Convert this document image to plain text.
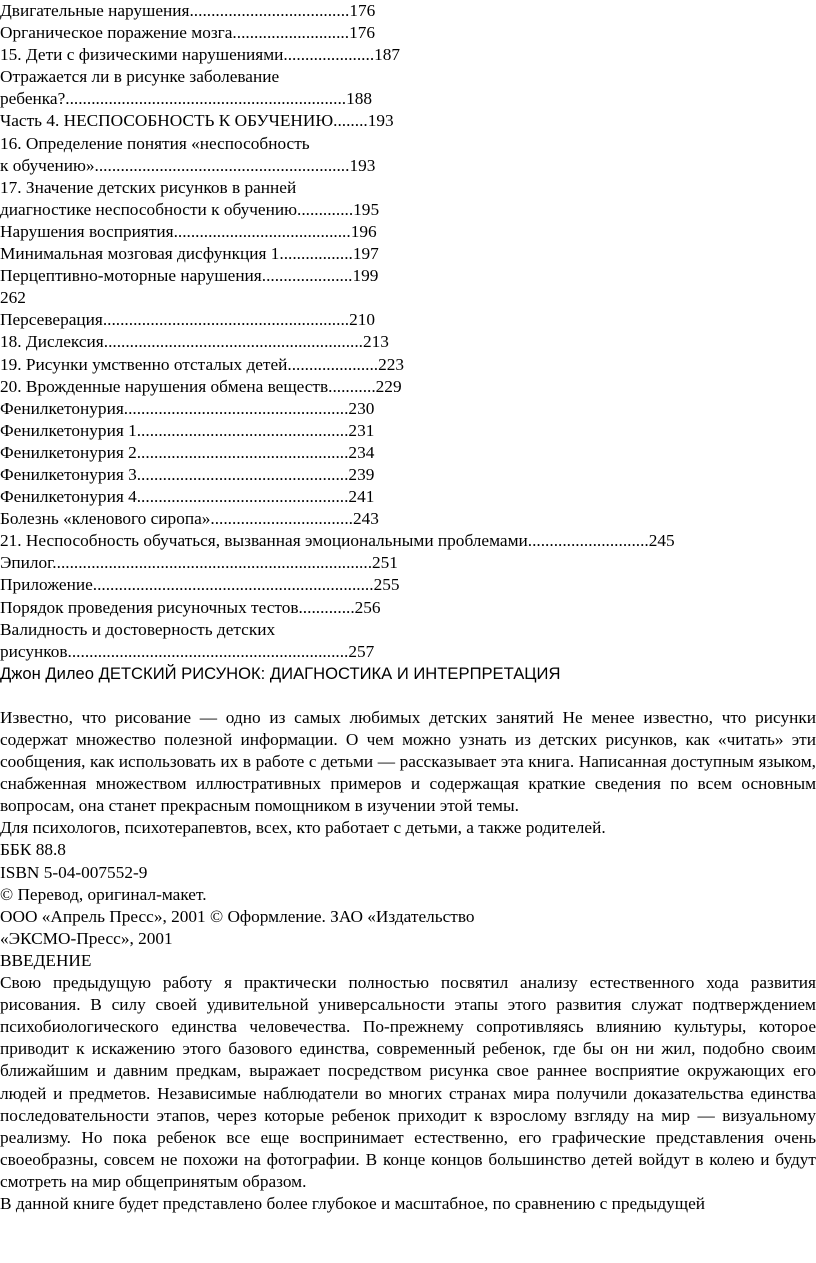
Двигательные нарушения.....................................176
Органическое поражение мозга...........................176
15. Дети с физическими нарушениями.....................187
Отражается ли в рисунке заболевание
ребенка?.................................................................188
Часть 4. НЕСПОСОБНОСТЬ К ОБУЧЕНИЮ........193
16. Определение понятия «неспособность
к обучению»...........................................................193
17. Значение детских рисунков в ранней
диагностике неспособности к обучению.............195
Нарушения восприятия.........................................196
Минимальная мозговая дисфункция 1.................197
Перцептивно-моторные нарушения.....................199
262
Персеверация.........................................................210
18. Дислексия............................................................213
19. Рисунки умственно отсталых детей.....................223
20. Врожденные нарушения обмена веществ...........229
Фенилкетонурия....................................................230
Фенилкетонурия 1.................................................231
Фенилкетонурия 2.................................................234
Фенилкетонурия 3.................................................239
Фенилкетонурия 4.................................................241
Болезнь «кленового сиропа».................................243
21. Неспособность обучаться, вызванная эмоциональными проблемами............................245
Эпилог..........................................................................251
Приложение.................................................................255
Порядок проведения рисуночных тестов.............256
Валидность и достоверность детских
рисунков.................................................................257
Джон Дилео ДЕТСКИЙ РИСУНОК: ДИАГНОСТИКА И ИНТЕРПРЕТАЦИЯ

Известно, что рисование — одно из самых любимых детских занятий Не менее известно, что рисунки содержат множество полезной информации. О чем можно узнать из детских рисунков, как «читать» эти сообщения, как использовать их в работе с детьми — рассказывает эта книга. Написанная доступным языком, снабженная множеством иллюстративных примеров и содержащая краткие сведения по всем основным вопросам, она станет прекрасным помощником в изучении этой темы.

Для психологов, психотерапевтов, всех, кто работает с детьми, а также родителей.
ББК 88.8
ISBN 5-04-007552-9
© Перевод, оригинал-макет.
ООО «Апрель Пресс», 2001 © Оформление. ЗАО «Издательство
«ЭКСМО-Пресс», 2001
ВВЕДЕНИЕ

Свою предыдущую работу я практически полностью посвятил анализу естественного хода развития рисования. В силу своей удивительной универсальности этапы этого развития служат подтверждением психобиологического единства человечества. По-прежнему сопротивляясь влиянию культуры, которое приводит к искажению этого базового единства, современный ребенок, где бы он ни жил, подобно своим ближайшим и давним предкам, выражает посредством рисунка свое раннее восприятие окружающих его людей и предметов. Независимые наблюдатели во многих странах мира получили доказательства единства последовательности этапов, через которые ребенок приходит к взрослому взгляду на мир — визуальному реализму. Но пока ребенок все еще воспринимает естественно, его графические представления очень своеобразны, совсем не похожи на фотографии. В конце концов большинство детей войдут в колею и будут смотреть на мир общепринятым образом.

В данной книге будет представлено более глубокое и масштабное, по сравнению с предыдущей
